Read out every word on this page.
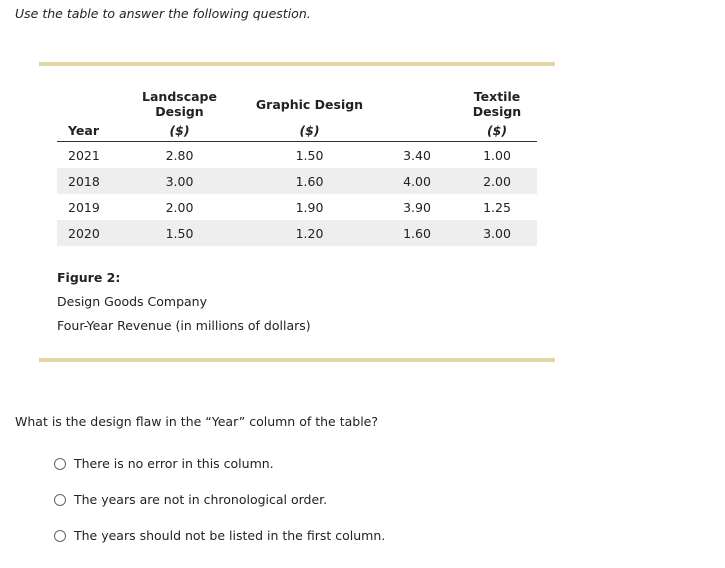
Use the table to answer the following question.
	Landscape Design	Graphic Design		Textile Design
Year	($)	($)		($)
2021	2.80	1.50	3.40	1.00
2018	3.00	1.60	4.00	2.00
2019	2.00	1.90	3.90	1.25
2020	1.50	1.20	1.60	3.00
Figure 2:
Design Goods Company
Four-Year Revenue (in millions of dollars)
What is the design flaw in the “Year” column of the table?
There is no error in this column.
The years are not in chronological order.
The years should not be listed in the first column.
